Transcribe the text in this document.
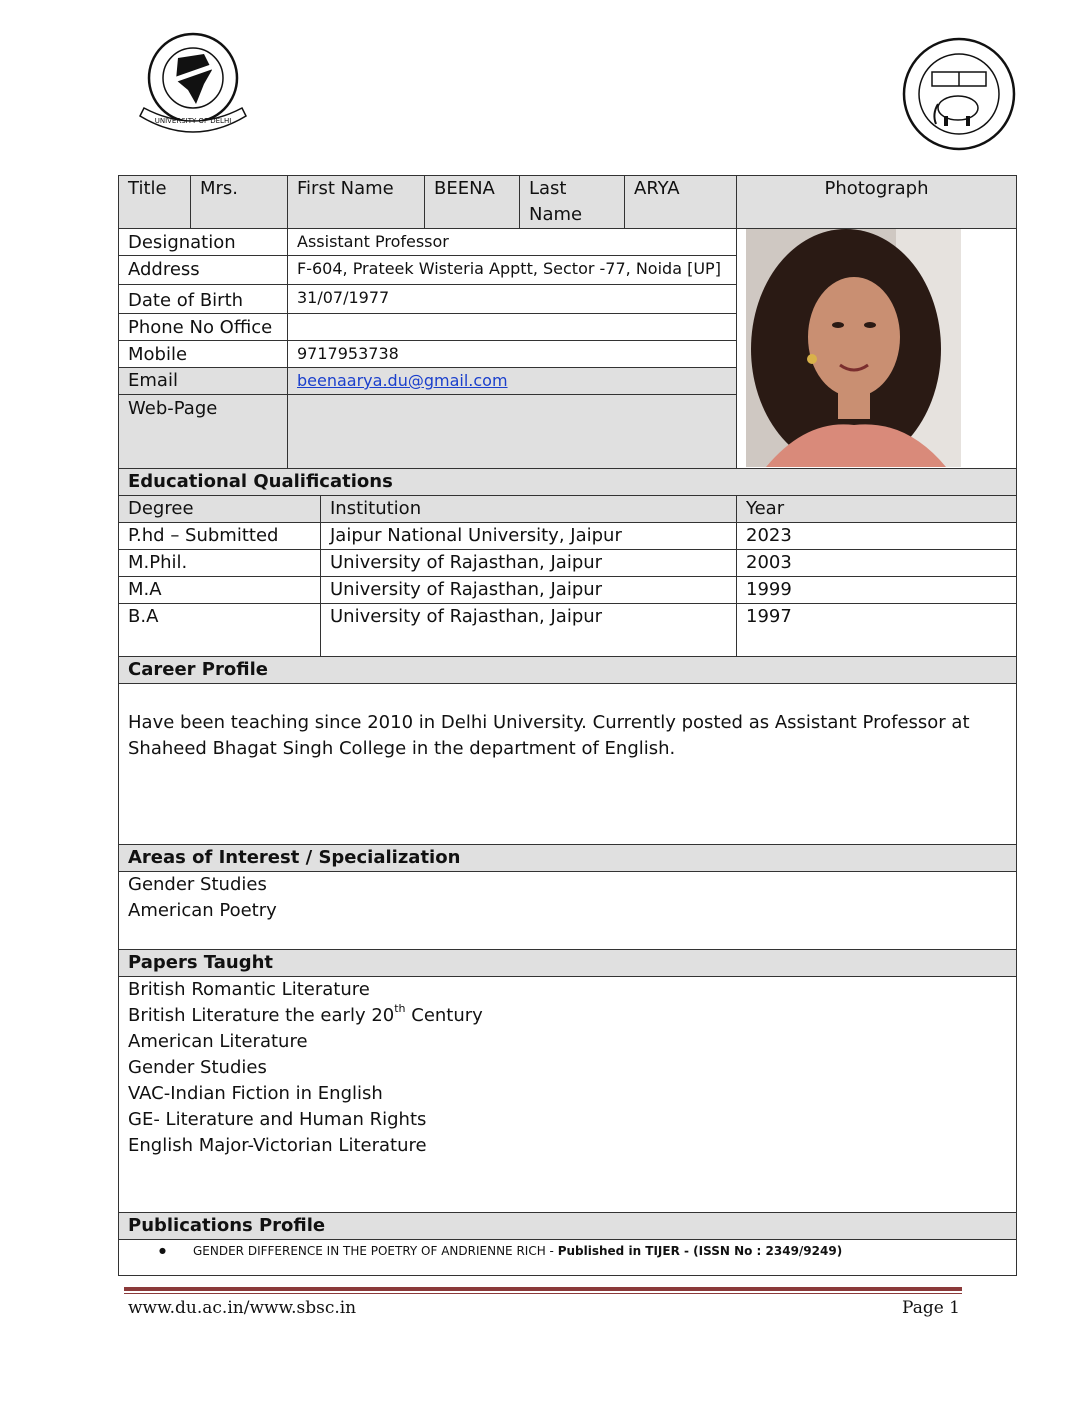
UNIVERSITY OF DELHI
Title	Mrs.	First Name	BEENA	Last
Name
ARYA	Photograph
Designation	Assistant Professor
Address	F-604, Prateek Wisteria Apptt, Sector -77, Noida [UP]
Date of Birth	31/07/1977
Phone No Office
Mobile	9717953738
Email	beenaarya.du@gmail.com
Web-Page
Educational Qualifications
Degree	Institution	Year
P.hd – Submitted	Jaipur National University, Jaipur	2023
M.Phil.	University of Rajasthan, Jaipur	2003
M.A	University of Rajasthan, Jaipur	1999
B.A	University of Rajasthan, Jaipur	1997
Career Profile
Have been teaching since 2010 in Delhi University. Currently posted as Assistant Professor at
Shaheed Bhagat Singh College in the department of English.
Areas of Interest / Specialization
Gender Studies
American Poetry
Papers Taught
British Romantic Literature
British Literature the early 20th Century
American Literature
Gender Studies
VAC-Indian Fiction in English
GE- Literature and Human Rights
English Major-Victorian Literature
Publications Profile
● GENDER DIFFERENCE IN THE POETRY OF ANDRIENNE RICH - Published in TIJER - (ISSN No : 2349/9249)
www.du.ac.in/www.sbsc.in	Page 1
